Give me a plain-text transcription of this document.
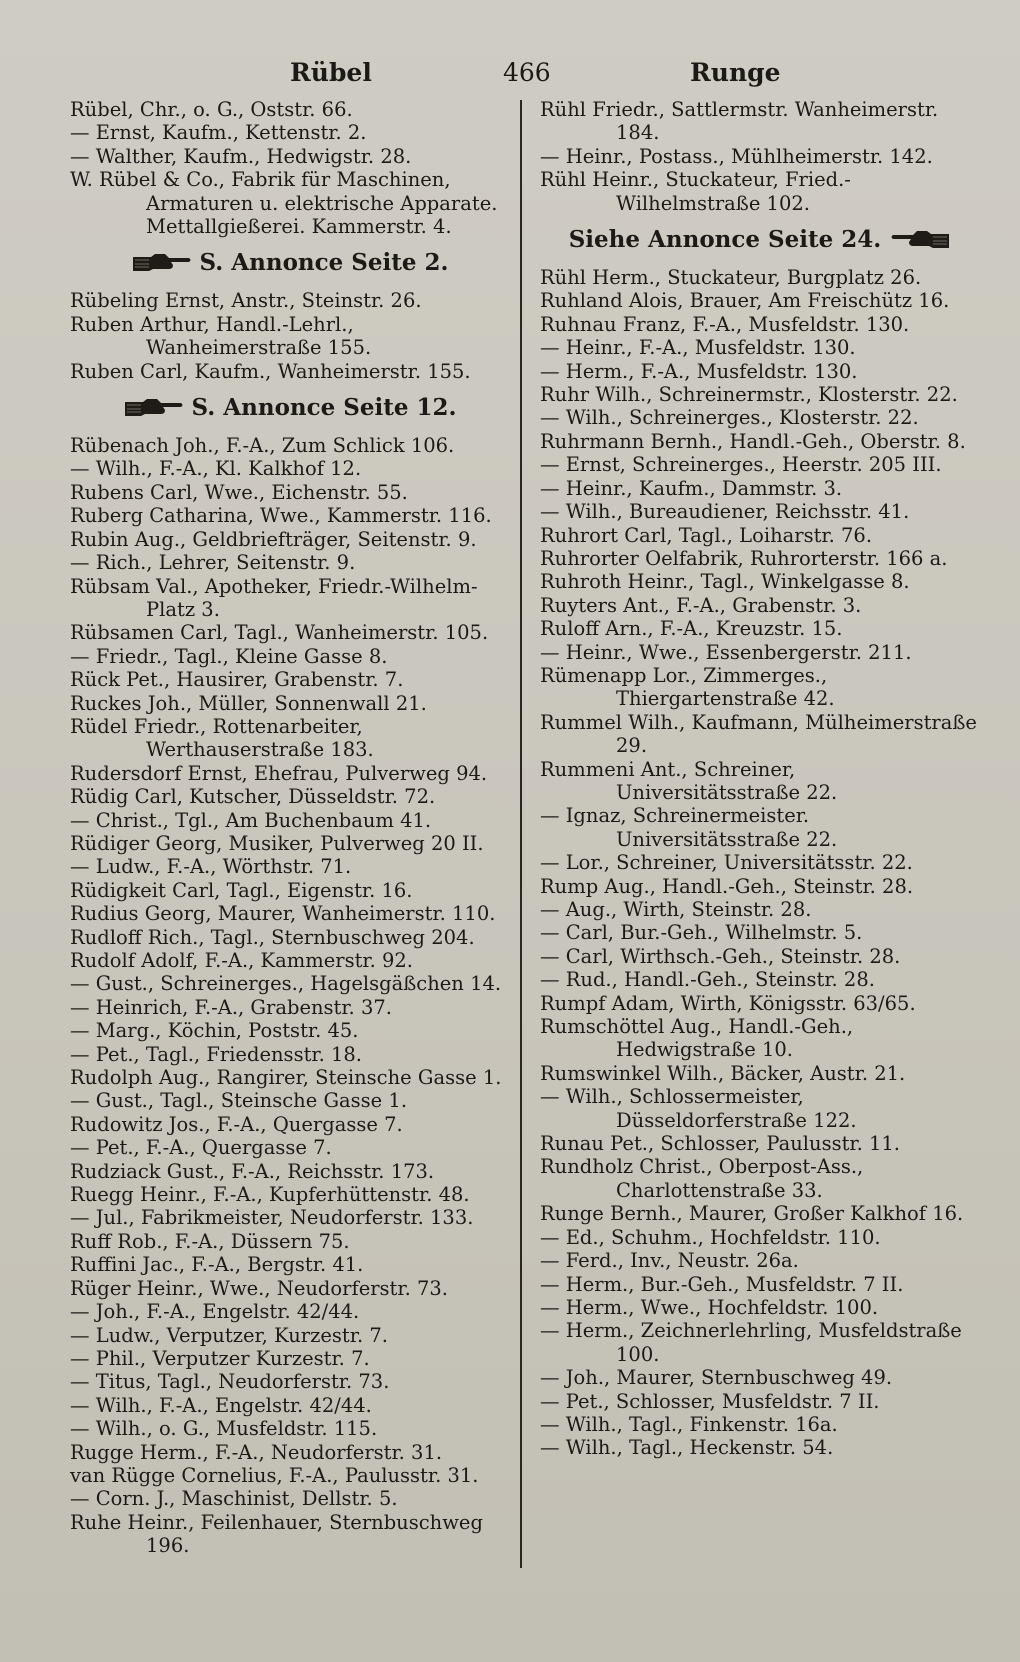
Rübel	466	Runge
Rübel, Chr., o. G., Oststr. 66.
— Ernst, Kaufm., Kettenstr. 2.
— Walther, Kaufm., Hedwigstr. 28.
W. Rübel & Co., Fabrik für Maschinen, Armaturen u. elektrische Apparate. Mettallgießerei. Kammerstr. 4.
S. Annonce Seite 2.
Rübeling Ernst, Anstr., Steinstr. 26.
Ruben Arthur, Handl.-Lehrl., Wanheimerstraße 155.
Ruben Carl, Kaufm., Wanheimerstr. 155.
S. Annonce Seite 12.
Rübenach Joh., F.-A., Zum Schlick 106.
— Wilh., F.-A., Kl. Kalkhof 12.
Rubens Carl, Wwe., Eichenstr. 55.
Ruberg Catharina, Wwe., Kammerstr. 116.
Rubin Aug., Geldbriefträger, Seitenstr. 9.
— Rich., Lehrer, Seitenstr. 9.
Rübsam Val., Apotheker, Friedr.-Wilhelm-Platz 3.
Rübsamen Carl, Tagl., Wanheimerstr. 105.
— Friedr., Tagl., Kleine Gasse 8.
Rück Pet., Hausirer, Grabenstr. 7.
Ruckes Joh., Müller, Sonnenwall 21.
Rüdel Friedr., Rottenarbeiter, Werthauserstraße 183.
Rudersdorf Ernst, Ehefrau, Pulverweg 94.
Rüdig Carl, Kutscher, Düsseldstr. 72.
— Christ., Tgl., Am Buchenbaum 41.
Rüdiger Georg, Musiker, Pulverweg 20 II.
— Ludw., F.-A., Wörthstr. 71.
Rüdigkeit Carl, Tagl., Eigenstr. 16.
Rudius Georg, Maurer, Wanheimerstr. 110.
Rudloff Rich., Tagl., Sternbuschweg 204.
Rudolf Adolf, F.-A., Kammerstr. 92.
— Gust., Schreinerges., Hagelsgäßchen 14.
— Heinrich, F.-A., Grabenstr. 37.
— Marg., Köchin, Poststr. 45.
— Pet., Tagl., Friedensstr. 18.
Rudolph Aug., Rangirer, Steinsche Gasse 1.
— Gust., Tagl., Steinsche Gasse 1.
Rudowitz Jos., F.-A., Quergasse 7.
— Pet., F.-A., Quergasse 7.
Rudziack Gust., F.-A., Reichsstr. 173.
Ruegg Heinr., F.-A., Kupferhüttenstr. 48.
— Jul., Fabrikmeister, Neudorferstr. 133.
Ruff Rob., F.-A., Düssern 75.
Ruffini Jac., F.-A., Bergstr. 41.
Rüger Heinr., Wwe., Neudorferstr. 73.
— Joh., F.-A., Engelstr. 42/44.
— Ludw., Verputzer, Kurzestr. 7.
— Phil., Verputzer Kurzestr. 7.
— Titus, Tagl., Neudorferstr. 73.
— Wilh., F.-A., Engelstr. 42/44.
— Wilh., o. G., Musfeldstr. 115.
Rugge Herm., F.-A., Neudorferstr. 31.
van Rügge Cornelius, F.-A., Paulusstr. 31.
— Corn. J., Maschinist, Dellstr. 5.
Ruhe Heinr., Feilenhauer, Sternbuschweg 196.
Rühl Friedr., Sattlermstr. Wanheimerstr. 184.
— Heinr., Postass., Mühlheimerstr. 142.
Rühl Heinr., Stuckateur, Fried.-Wilhelmstraße 102.
Siehe Annonce Seite 24.
Rühl Herm., Stuckateur, Burgplatz 26.
Ruhland Alois, Brauer, Am Freischütz 16.
Ruhnau Franz, F.-A., Musfeldstr. 130.
— Heinr., F.-A., Musfeldstr. 130.
— Herm., F.-A., Musfeldstr. 130.
Ruhr Wilh., Schreinermstr., Klosterstr. 22.
— Wilh., Schreinerges., Klosterstr. 22.
Ruhrmann Bernh., Handl.-Geh., Oberstr. 8.
— Ernst, Schreinerges., Heerstr. 205 III.
— Heinr., Kaufm., Dammstr. 3.
— Wilh., Bureaudiener, Reichsstr. 41.
Ruhrort Carl, Tagl., Loiharstr. 76.
Ruhrorter Oelfabrik, Ruhrorterstr. 166 a.
Ruhroth Heinr., Tagl., Winkelgasse 8.
Ruyters Ant., F.-A., Grabenstr. 3.
Ruloff Arn., F.-A., Kreuzstr. 15.
— Heinr., Wwe., Essenbergerstr. 211.
Rümenapp Lor., Zimmerges., Thiergartenstraße 42.
Rummel Wilh., Kaufmann, Mülheimerstraße 29.
Rummeni Ant., Schreiner, Universitätsstraße 22.
— Ignaz, Schreinermeister. Universitätsstraße 22.
— Lor., Schreiner, Universitätsstr. 22.
Rump Aug., Handl.-Geh., Steinstr. 28.
— Aug., Wirth, Steinstr. 28.
— Carl, Bur.-Geh., Wilhelmstr. 5.
— Carl, Wirthsch.-Geh., Steinstr. 28.
— Rud., Handl.-Geh., Steinstr. 28.
Rumpf Adam, Wirth, Königsstr. 63/65.
Rumschöttel Aug., Handl.-Geh., Hedwigstraße 10.
Rumswinkel Wilh., Bäcker, Austr. 21.
— Wilh., Schlossermeister, Düsseldorferstraße 122.
Runau Pet., Schlosser, Paulusstr. 11.
Rundholz Christ., Oberpost-Ass., Charlottenstraße 33.
Runge Bernh., Maurer, Großer Kalkhof 16.
— Ed., Schuhm., Hochfeldstr. 110.
— Ferd., Inv., Neustr. 26a.
— Herm., Bur.-Geh., Musfeldstr. 7 II.
— Herm., Wwe., Hochfeldstr. 100.
— Herm., Zeichnerlehrling, Musfeldstraße 100.
— Joh., Maurer, Sternbuschweg 49.
— Pet., Schlosser, Musfeldstr. 7 II.
— Wilh., Tagl., Finkenstr. 16a.
— Wilh., Tagl., Heckenstr. 54.
